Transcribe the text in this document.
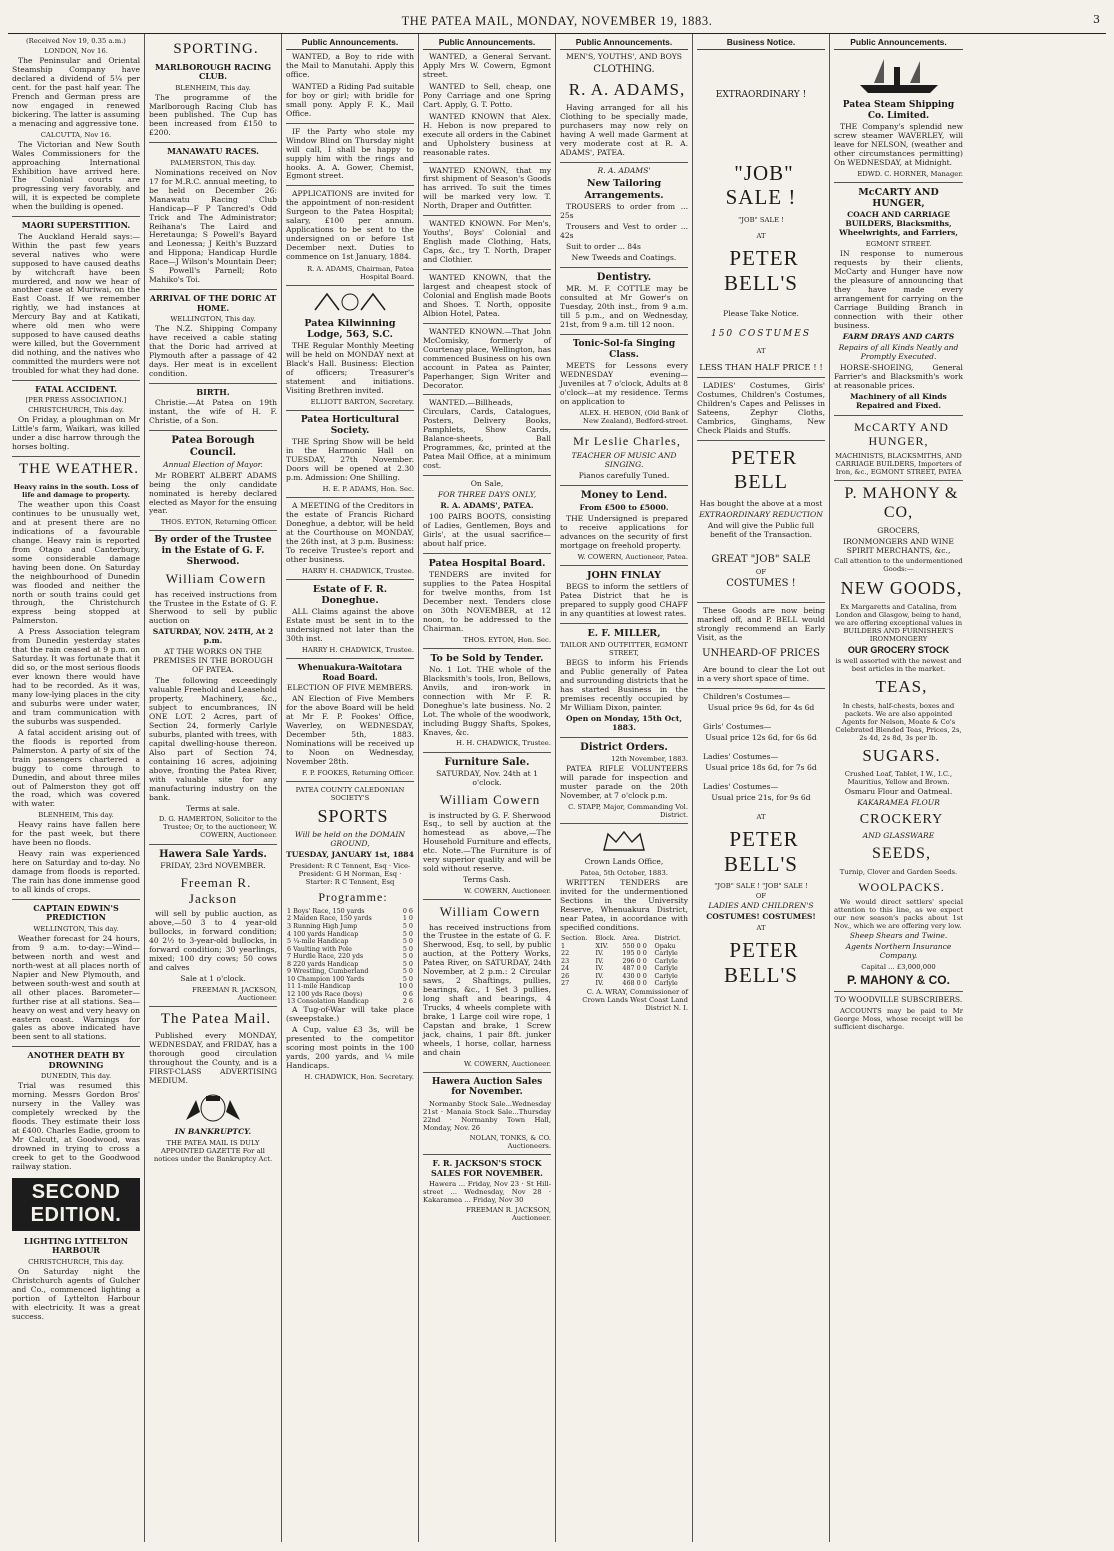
THE PATEA MAIL, MONDAY, NOVEMBER 19, 1883.	3

(Received Nov 19, 0.35 a.m.)

LONDON, Nov 16.

The Peninsular and Oriental Steamship Company have declared a dividend of 5¼ per cent. for the past half year. The French and German press are now engaged in renewed bickering. The latter is assuming a menacing and aggressive tone.

CALCUTTA, Nov 16.

The Victorian and New South Wales Commissioners for the approaching International Exhibition have arrived here. The Colonial courts are progressing very favorably, and will, it is expected be complete when the building is opened.

MAORI SUPERSTITION.

The Auckland Herald says:—Within the past few years several natives who were supposed to have caused deaths by witchcraft have been murdered, and now we hear of another case at Muriwai, on the East Coast. If we remember rightly, we had instances at Mercury Bay and at Katikati, where old men who were supposed to have caused deaths were killed, but the Government did nothing, and the natives who committed the murders were not troubled for what they had done.

FATAL ACCIDENT.

[PER PRESS ASSOCIATION.]

CHRISTCHURCH, This day.

On Friday, a ploughman on Mr Little's farm, Waikari, was killed under a disc harrow through the horses bolting.

THE WEATHER.

Heavy rains in the south. Loss of life and damage to property.

The weather upon this Coast continues to be unusually wet, and at present there are no indications of a favourable change. Heavy rain is reported from Otago and Canterbury, some considerable damage having been done. On Saturday the neighbourhood of Dunedin was flooded and neither the north or south trains could get through, the Christchurch express being stopped at Palmerston.

A Press Association telegram from Dunedin yesterday states that the rain ceased at 9 p.m. on Saturday. It was fortunate that it did so, or the most serious floods ever known there would have had to be recorded. As it was, many low-lying places in the city and suburbs were under water, and tram communication with the suburbs was suspended.

A fatal accident arising out of the floods is reported from Palmerston. A party of six of the train passengers chartered a buggy to come through to Dunedin, and about three miles out of Palmerston they got off the road, which was covered with water.

BLENHEIM, This day.

Heavy rains have fallen here for the past week, but there have been no floods.

Heavy rain was experienced here on Saturday and to-day. No damage from floods is reported. The rain has done immense good to all kinds of crops.

CAPTAIN EDWIN'S PREDICTION

WELLINGTON, This day.

Weather forecast for 24 hours, from 9 a.m. to-day:—Wind—between north and west and north-west at all places north of Napier and New Plymouth, and between south-west and south at all other places. Barometer—further rise at all stations. Sea—heavy on west and very heavy on eastern coast. Warnings for gales as above indicated have been sent to all stations.

ANOTHER DEATH BY DROWNING

DUNEDIN, This day.

Trial was resumed this morning. Messrs Gordon Bros' nursery in the Valley was completely wrecked by the floods. They estimate their loss at £400. Charles Eadie, groom to Mr Calcutt, at Goodwood, was drowned in trying to cross a creek to get to the Goodwood railway station.

SECOND EDITION.

LIGHTING LYTTELTON HARBOUR

CHRISTCHURCH, This day.

On Saturday night the Christchurch agents of Gulcher and Co., commenced lighting a portion of Lyttelton Harbour with electricity. It was a great success.

SPORTING.

MARLBOROUGH RACING CLUB.

BLENHEIM, This day.

The programme of the Marlborough Racing Club has been published. The Cup has been increased from £150 to £200.

MANAWATU RACES.

PALMERSTON, This day.

Nominations received on Nov 17 for M.R.C. annual meeting, to be held on December 26: Manawatu Racing Club Handicap—F P Tancred's Odd Trick and The Administrator; Reihana's The Laird and Heretaunga; S Powell's Bayard and Leonessa; J Keith's Buzzard and Hippona; Handicap Hurdle Race—J Wilson's Mountain Deer; S Powell's Parnell; Roto Mahiko's Toi.

ARRIVAL OF THE DORIC AT HOME.

WELLINGTON, This day.

The N.Z. Shipping Company have received a cable stating that the Doric had arrived at Plymouth after a passage of 42 days. Her meat is in excellent condition.

BIRTH.

Christie.—At Patea on 19th instant, the wife of H. F. Christie, of a Son.

Patea Borough Council.

Annual Election of Mayor.

Mr ROBERT ALBERT ADAMS being the only candidate nominated is hereby declared elected as Mayor for the ensuing year.

THOS. EYTON, Returning Officer.

By order of the Trustee in the Estate of G. F. Sherwood.

William Cowern

has received instructions from the Trustee in the Estate of G. F. Sherwood to sell by public auction on

SATURDAY, NOV. 24TH, At 2 p.m.

AT THE WORKS ON THE PREMISES IN THE BOROUGH OF PATEA.

The following exceedingly valuable Freehold and Leasehold property, Machinery, &c., subject to encumbrances, IN ONE LOT. 2 Acres, part of Section 24, formerly Carlyle suburbs, planted with trees, with capital dwelling-house thereon. Also part of Section 74, containing 16 acres, adjoining above, fronting the Patea River, with valuable site for any manufacturing industry on the bank.

Terms at sale.

D. G. HAMERTON, Solicitor to the Trustee; Or, to the auctioneer, W. COWERN, Auctioneer.

Hawera Sale Yards.

FRIDAY, 23rd NOVEMBER.

Freeman R. Jackson

will sell by public auction, as above,—50 3 to 4 year-old bullocks, in forward condition; 40 2½ to 3-year-old bullocks, in forward condition; 30 yearlings, mixed; 100 dry cows; 50 cows and calves

Sale at 1 o'clock.

FREEMAN R. JACKSON, Auctioneer.

The Patea Mail.

Published every MONDAY, WEDNESDAY, and FRIDAY, has a thorough good circulation throughout the County, and is a FIRST-CLASS ADVERTISING MEDIUM.

IN BANKRUPTCY.

THE PATEA MAIL IS DULY APPOINTED GAZETTE For all notices under the Bankruptcy Act.

Public Announcements.

WANTED, a Boy to ride with the Mail to Manutahi. Apply this office.

WANTED a Riding Pad suitable for boy or girl; with bridle for small pony. Apply F. K., Mail Office.

IF the Party who stole my Window Blind on Thursday night will call, I shall be happy to supply him with the rings and hooks. A. A. Gower, Chemist, Egmont street.

APPLICATIONS are invited for the appointment of non-resident Surgeon to the Patea Hospital; salary, £100 per annum. Applications to be sent to the undersigned on or before 1st December next. Duties to commence on 1st January, 1884.

R. A. ADAMS, Chairman, Patea Hospital Board.

Patea Kilwinning Lodge, 563, S.C.

THE Regular Monthly Meeting will be held on MONDAY next at Black's Hall. Business: Election of officers; Treasurer's statement and initiations. Visiting Brethren invited.

ELLIOTT BARTON, Secretary.

Patea Horticultural Society.

THE Spring Show will be held in the Harmonic Hall on TUESDAY, 27th November. Doors will be opened at 2.30 p.m. Admission: One Shilling.

H. E. P. ADAMS, Hon. Sec.

A MEETING of the Creditors in the estate of Francis Richard Doneghue, a debtor, will be held at the Courthouse on MONDAY, the 26th inst, at 3 p.m. Business: To receive Trustee's report and other business.

HARRY H. CHADWICK, Trustee.

Estate of F. R. Doneghue.

ALL Claims against the above Estate must be sent in to the undersigned not later than the 30th inst.

HARRY H. CHADWICK, Trustee.

Whenuakura-Waitotara Road Board.

ELECTION OF FIVE MEMBERS.

AN Election of Five Members for the above Board will be held at Mr F. P. Fookes' Office, Waverley, on WEDNESDAY, December 5th, 1883. Nominations will be received up to Noon on Wednesday, November 28th.

F. P. FOOKES, Returning Officer.

PATEA COUNTY CALEDONIAN SOCIETY'S

SPORTS

Will be held on the DOMAIN GROUND,

TUESDAY, JANUARY 1st, 1884

President: R C Tennent, Esq · Vice-President: G H Norman, Esq · Starter: R C Tennent, Esq

Programme:

1 Boys' Race, 150 yards	0 6
2 Maiden Race, 150 yards	1 0
3 Running High Jump	5 0
4 100 yards Handicap	5 0
5 ¼-mile Handicap	5 0
6 Vaulting with Pole	5 0
7 Hurdle Race, 220 yds	5 0
8 220 yards Handicap	5 0
9 Wrestling, Cumberland	5 0
10 Champion 100 Yards	5 0
11 1-mile Handicap	10 0
12 100 yds Race (boys)	0 6
13 Consolation Handicap	2 6

A Tug-of-War will take place (sweepstake.)

A Cup, value £3 3s, will be presented to the competitor scoring most points in the 100 yards, 200 yards, and ¼ mile Handicaps.

H. CHADWICK, Hon. Secretary.

Public Announcements.

WANTED, a General Servant. Apply Mrs W. Cowern, Egmont street.

WANTED to Sell, cheap, one Pony Carriage and one Spring Cart. Apply, G. T. Potto.

WANTED KNOWN that Alex. H. Hebon is now prepared to execute all orders in the Cabinet and Upholstery business at reasonable rates.

WANTED KNOWN, that my first shipment of Season's Goods has arrived. To suit the times will be marked very low. T. North, Draper and Outfitter.

WANTED KNOWN. For Men's, Youths', Boys' Colonial and English made Clothing, Hats, Caps, &c., try T. North, Draper and Clothier.

WANTED KNOWN, that the largest and cheapest stock of Colonial and English made Boots and Shoes. T. North, opposite Albion Hotel, Patea.

WANTED KNOWN.—That John McComisky, formerly of Courtenay place, Wellington, has commenced Business on his own account in Patea as Painter, Paperhanger, Sign Writer and Decorator.

WANTED.—Billheads, Circulars, Cards, Catalogues, Posters, Delivery Books, Pamphlets, Show Cards, Balance-sheets, Ball Programmes, &c, printed at the Patea Mail Office, at a minimum cost.

On Sale,

FOR THREE DAYS ONLY,

R. A. ADAMS', PATEA.

100 PAIRS BOOTS, consisting of Ladies, Gentlemen, Boys and Girls', at the usual sacrifice—about half price.

Patea Hospital Board.

TENDERS are invited for supplies to the Patea Hospital for twelve months, from 1st December next. Tenders close on 30th NOVEMBER, at 12 noon, to be addressed to the Chairman.

THOS. EYTON, Hon. Sec.

To be Sold by Tender.

No. 1 Lot. THE whole of the Blacksmith's tools, Iron, Bellows, Anvils, and iron-work in connection with Mr F. R. Doneghue's late business. No. 2 Lot. The whole of the woodwork, including Buggy Shafts, Spokes, Knaves, &c.

H. H. CHADWICK, Trustee.

Furniture Sale.

SATURDAY, Nov. 24th at 1 o'clock.

William Cowern

is instructed by G. F. Sherwood Esq., to sell by auction at the homestead as above,—The Household Furniture and effects, etc. Note.—The Furniture is of very superior quality and will be sold without reserve.

Terms Cash.

W. COWERN, Auctioneer.

William Cowern

has received instructions from the Trustee in the estate of G. F. Sherwood, Esq, to sell, by public auction, at the Pottery Works, Patea River, on SATURDAY, 24th November, at 2 p.m.: 2 Circular saws, 2 Shaftings, pullies, bearings, &c., 1 Set 3 pullies, long shaft and bearings, 4 Trucks, 4 wheels complete with brake, 1 Large coil wire rope, 1 Capstan and brake, 1 Screw jack, chains, 1 pair 8ft. junker wheels, 1 horse, collar, harness and chain

W. COWERN, Auctioneer.

Hawera Auction Sales for November.

Normanby Stock Sale...Wednesday 21st · Manaia Stock Sale...Thursday 22nd · Normanby Town Hall, Monday, Nov. 26

NOLAN, TONKS, & CO. Auctioneers.

F. R. JACKSON'S STOCK SALES FOR NOVEMBER.

Hawera ... Friday, Nov 23 · St Hill-street ... Wednesday, Nov 28 · Kakaramea ... Friday, Nov 30

FREEMAN R. JACKSON, Auctioneer.

Public Announcements.

MEN'S, YOUTHS', AND BOYS

CLOTHING.

R. A. ADAMS,

Having arranged for all his Clothing to be specially made, purchasers may now rely on having A well made Garment at very moderate cost at R. A. ADAMS', PATEA.

R. A. ADAMS'

New Tailoring Arrangements.

TROUSERS to order from ... 25s

Trousers and Vest to order ... 42s

Suit to order ... 84s

New Tweeds and Coatings.

Dentistry.

MR. M. F. COTTLE may be consulted at Mr Gower's on Tuesday, 20th inst., from 9 a.m. till 5 p.m., and on Wednesday, 21st, from 9 a.m. till 12 noon.

Tonic-Sol-fa Singing Class.

MEETS for Lessons every WEDNESDAY evening—Juveniles at 7 o'clock, Adults at 8 o'clock—at my residence. Terms on application to

ALEX. H. HEBON, (Old Bank of New Zealand), Bedford-street.

Mr Leslie Charles,

TEACHER OF MUSIC AND SINGING.

Pianos carefully Tuned.

Money to Lend.

From £500 to £5000.

THE Undersigned is prepared to receive applications for advances on the security of first mortgage on freehold property.

W. COWERN, Auctioneer, Patea.

JOHN FINLAY

BEGS to inform the settlers of Patea District that he is prepared to supply good CHAFF in any quantities at lowest rates.

E. F. MILLER,

TAILOR AND OUTFITTER, EGMONT STREET,

BEGS to inform his Friends and Public generally of Patea and surrounding districts that he has started Business in the premises recently occupied by Mr William Dixon, painter.

Open on Monday, 15th Oct, 1883.

District Orders.

12th November, 1883.

PATEA RIFLE VOLUNTEERS will parade for inspection and muster parade on the 20th November, at 7 o'clock p.m.

C. STAPP, Major, Commanding Vol. District.

Crown Lands Office,

Patea, 5th October, 1883.

WRITTEN TENDERS are invited for the undermentioned Sections in the University Reserve, Whenuakura District, near Patea, in accordance with specified conditions.

Section.	Block.	Area.	District.
1	XIV.	550 0 0	Opaku
22	IV.	195 0 0	Carlyle
23	IV.	296 0 0	Carlyle
24	IV.	487 0 0	Carlyle
26	IV.	430 0 0	Carlyle
27	IV.	468 0 0	Carlyle

C. A. WRAY, Commissioner of Crown Lands West Coast Land District N. I.

Business Notice.

EXTRAORDINARY !

"JOB" SALE !

"JOB" SALE !

AT

PETER BELL'S

Please Take Notice.

150 COSTUMES

AT

LESS THAN HALF PRICE ! !

LADIES' Costumes, Girls' Costumes, Children's Costumes, Children's Capes and Pelisses in Sateens, Zephyr Cloths, Cambrics, Ginghams, New Check Plaids and Stuffs.

PETER BELL

Has bought the above at a most

EXTRAORDINARY REDUCTION

And will give the Public full benefit of the Transaction.

GREAT "JOB" SALE

OF

COSTUMES !

These Goods are now being marked off, and P. BELL would strongly recommend an Early Visit, as the

UNHEARD-OF PRICES

Are bound to clear the Lot out in a very short space of time.

Children's Costumes—

Usual price 9s 6d, for 4s 6d

Girls' Costumes—

Usual price 12s 6d, for 6s 6d

Ladies' Costumes—

Usual price 18s 6d, for 7s 6d

Ladies' Costumes—

Usual price 21s, for 9s 6d

AT

PETER BELL'S

"JOB" SALE ! "JOB" SALE !

OF

LADIES AND CHILDREN'S

COSTUMES! COSTUMES!

AT

PETER BELL'S

Public Announcements.

Patea Steam Shipping Co. Limited.

THE Company's splendid new screw steamer WAVERLEY, will leave for NELSON, (weather and other circumstances permitting) On WEDNESDAY, at Midnight.

EDWD. C. HORNER, Manager.

McCARTY AND HUNGER,

COACH AND CARRIAGE BUILDERS, Blacksmiths, Wheelwrights, and Farriers,

EGMONT STREET.

IN response to numerous requests by their clients, McCarty and Hunger have now the pleasure of announcing that they have made every arrangement for carrying on the Carriage Building Branch in connection with their other business.

FARM DRAYS AND CARTS

Repairs of all Kinds Neatly and Promptly Executed.

HORSE-SHOEING, General Farrier's and Blacksmith's work at reasonable prices.

Machinery of all Kinds Repaired and Fixed.

McCARTY AND HUNGER,

MACHINISTS, BLACKSMITHS, AND CARRIAGE BUILDERS, Importers of Iron, &c., EGMONT STREET, PATEA

P. MAHONY & CO,

GROCERS,

IRONMONGERS AND WINE SPIRIT MERCHANTS, &c.,

Call attention to the undermentioned Goods:—

NEW GOODS,

Ex Margaretts and Catalina, from London and Glasgow, being to hand, we are offering exceptional values in BUILDERS AND FURNISHER'S IRONMONGERY

OUR GROCERY STOCK

is well assorted with the newest and best articles in the market.

TEAS,

In chests, half-chests, boxes and packets. We are also appointed Agents for Nelson, Moate & Co's Celebrated Blended Teas, Prices, 2s, 2s 4d, 2s 8d, 3s per lb.

SUGARS.

Crushed Loaf, Tablet, I W., I.C., Mauritius, Yellow and Brown.

Osmaru Flour and Oatmeal.

KAKARAMEA FLOUR

CROCKERY

AND GLASSWARE

SEEDS,

Turnip, Clover and Garden Seeds.

WOOLPACKS.

We would direct settlers' special attention to this line, as we expect our new season's packs about 1st Nov., which we are offering very low.

Sheep Shears and Twine.

Agents Northern Insurance Company.

Capital ... £3,000,000

P. MAHONY & CO.

TO WOODVILLE SUBSCRIBERS.

ACCOUNTS may be paid to Mr George Moss, whose receipt will be sufficient discharge.
